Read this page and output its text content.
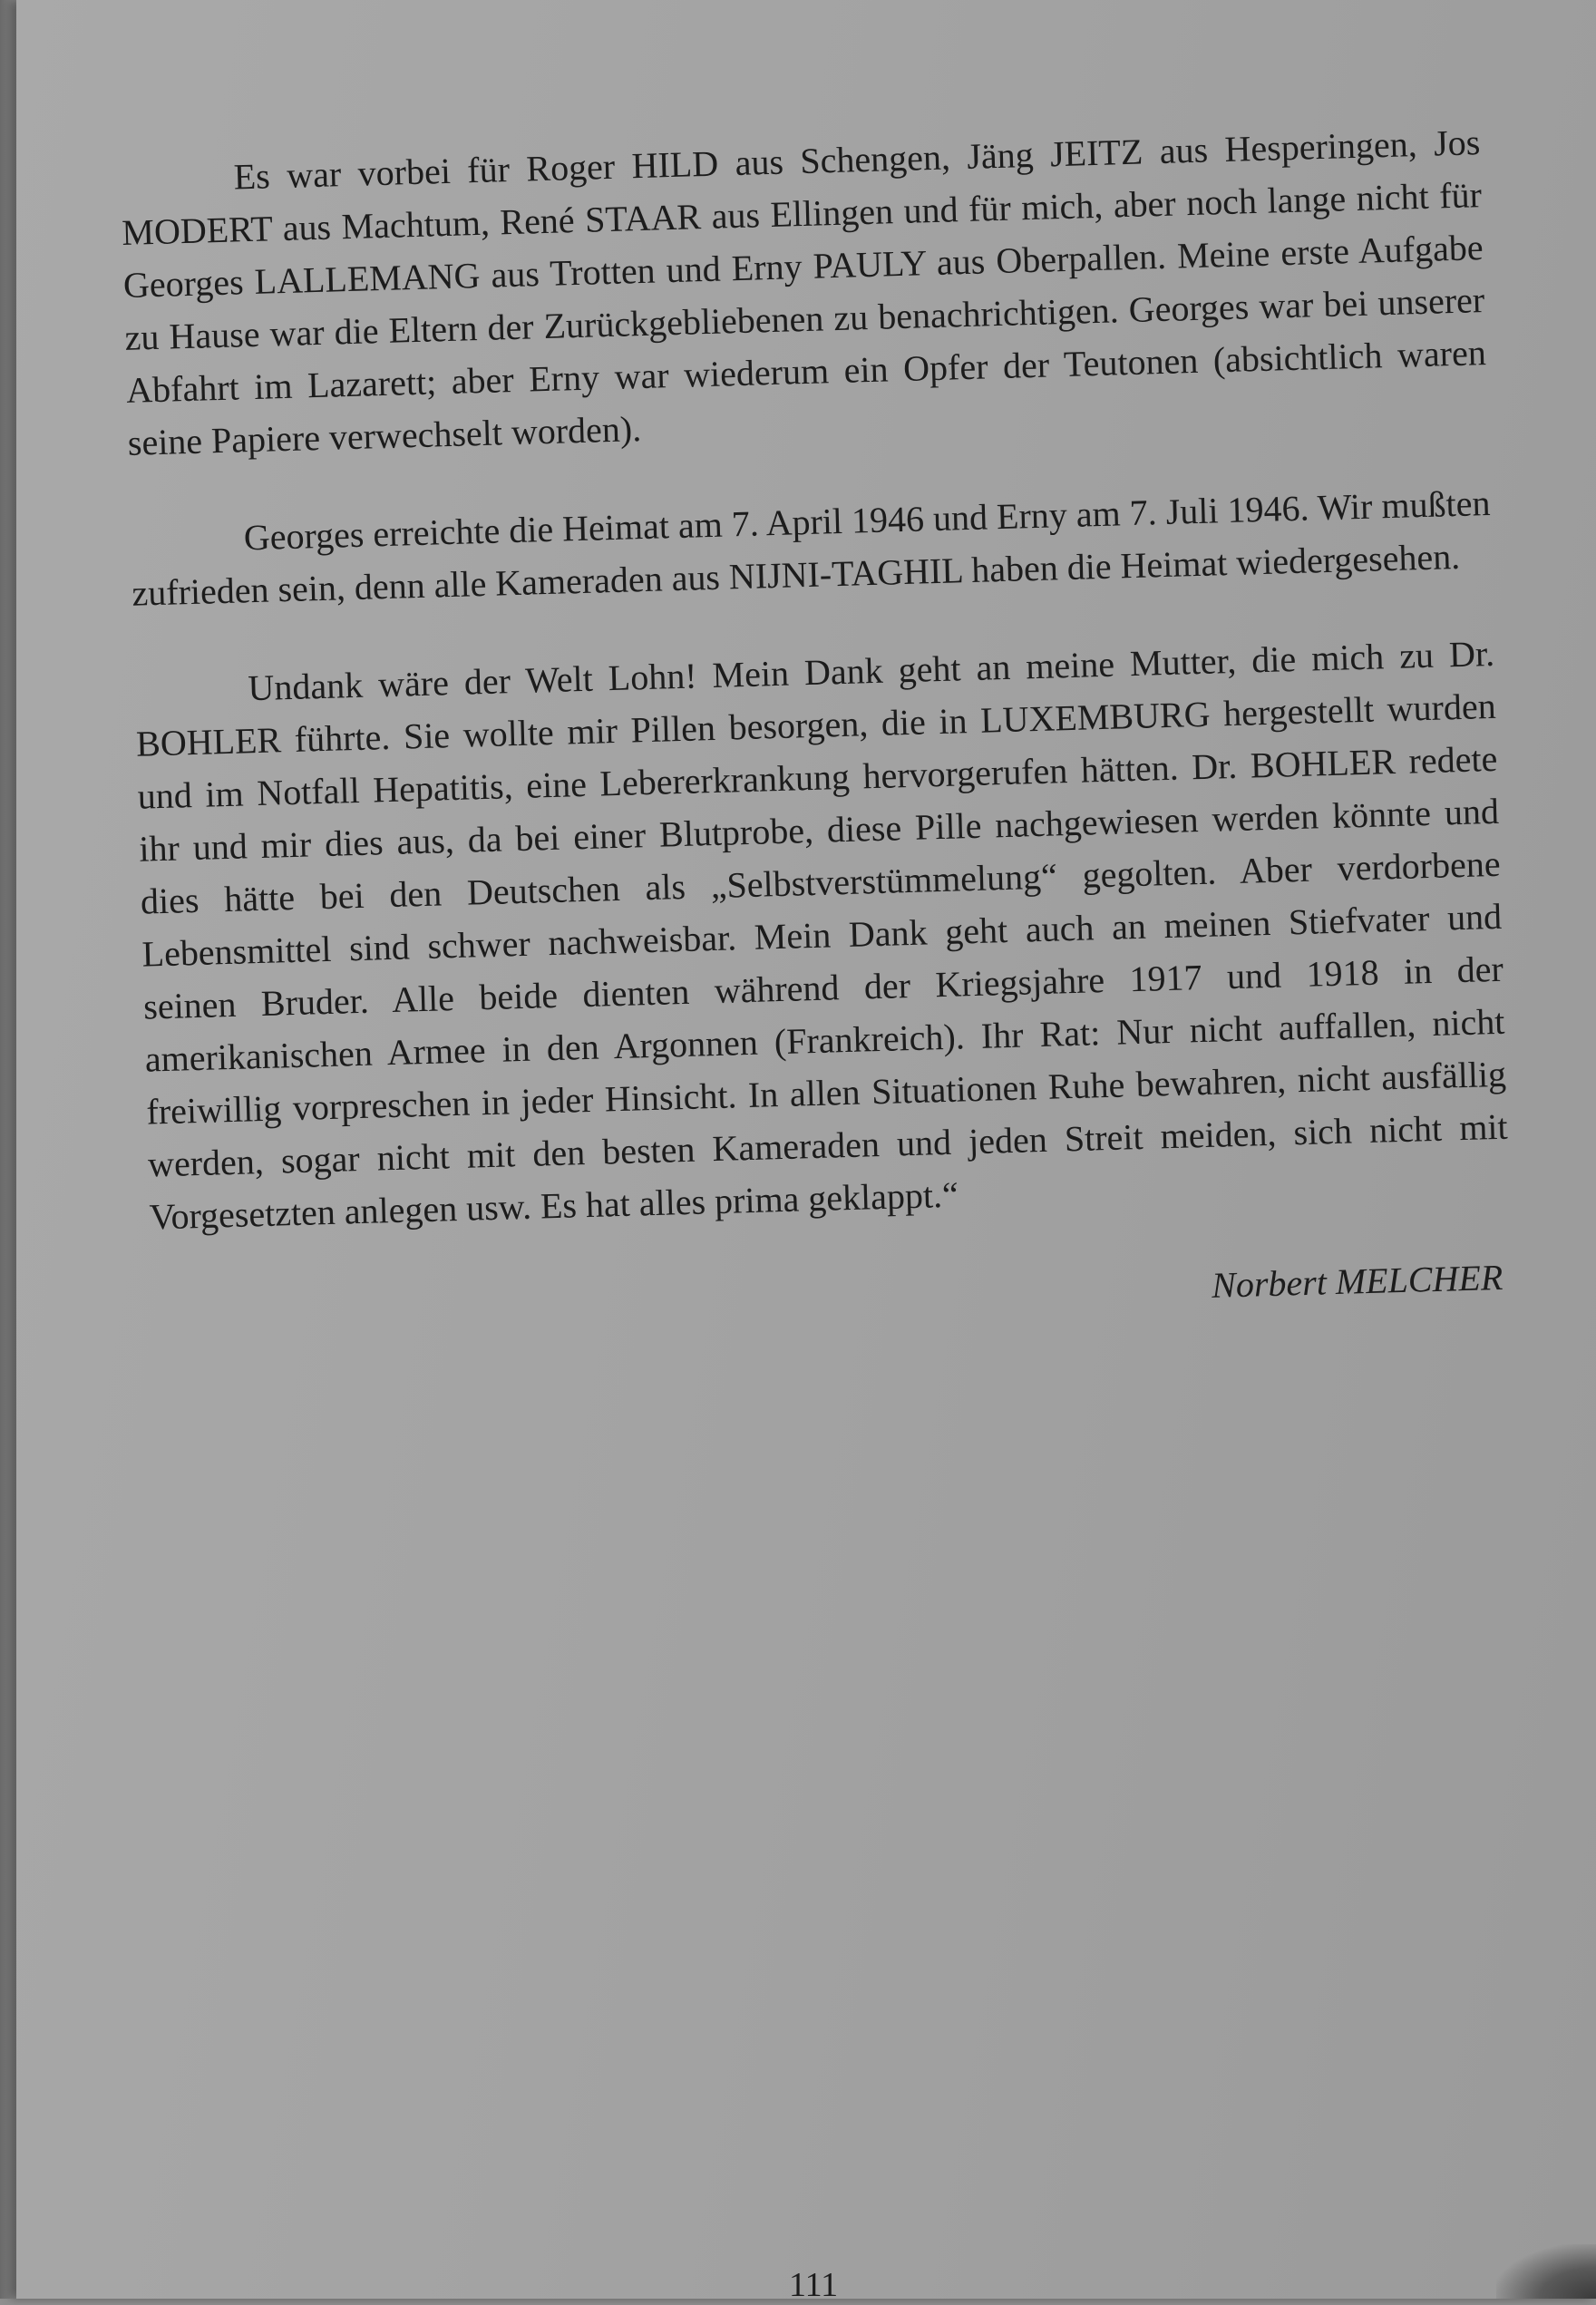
Es war vorbei für Roger HILD aus Schengen, Jäng JEITZ aus Hesperingen, Jos MODERT aus Machtum, René STAAR aus Ellingen und für mich, aber noch lange nicht für Georges LALLEMANG aus Trotten und Erny PAULY aus Oberpallen. Meine erste Aufgabe zu Hause war die Eltern der Zurückgebliebenen zu benachrichtigen. Georges war bei unserer Abfahrt im Lazarett; aber Erny war wiederum ein Opfer der Teutonen (absichtlich waren seine Papiere verwechselt worden).

Georges erreichte die Heimat am 7. April 1946 und Erny am 7. Juli 1946. Wir mußten zufrieden sein, denn alle Kameraden aus NIJNI-TAGHIL haben die Heimat wiedergesehen.

Undank wäre der Welt Lohn! Mein Dank geht an meine Mutter, die mich zu Dr. BOHLER führte. Sie wollte mir Pillen besorgen, die in LUXEMBURG hergestellt wurden und im Notfall Hepatitis, eine Lebererkrankung hervorgerufen hätten. Dr. BOHLER redete ihr und mir dies aus, da bei einer Blutprobe, diese Pille nachgewiesen werden könnte und dies hätte bei den Deutschen als „Selbstverstümmelung“ gegolten. Aber verdorbene Lebensmittel sind schwer nachweisbar. Mein Dank geht auch an meinen Stiefvater und seinen Bruder. Alle beide dienten während der Kriegsjahre 1917 und 1918 in der amerikanischen Armee in den Argonnen (Frankreich). Ihr Rat: Nur nicht auffallen, nicht freiwillig vorpreschen in jeder Hinsicht. In allen Situationen Ruhe bewahren, nicht ausfällig werden, sogar nicht mit den besten Kameraden und jeden Streit meiden, sich nicht mit Vorgesetzten anlegen usw. Es hat alles prima geklappt.“

Norbert MELCHER
111
